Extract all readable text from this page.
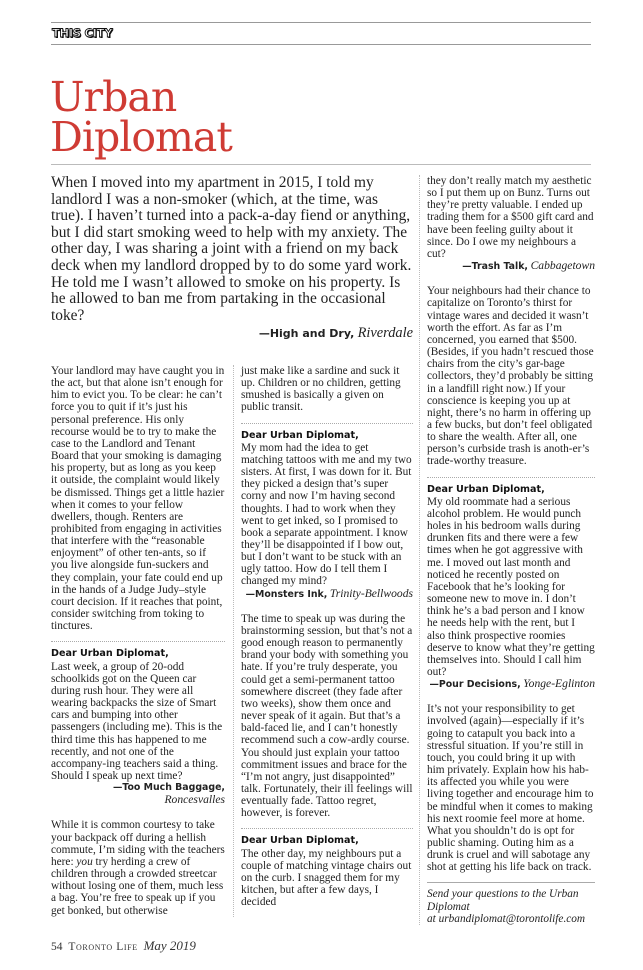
THIS CITY
Urban
Diplomat

When I moved into my apartment in 2015, I told my landlord I was a non-smoker (which, at the time, was true). I haven’t turned into a pack-a-day fiend or anything, but I did start smoking weed to help with my anxiety. The other day, I was sharing a joint with a friend on my back deck when my landlord dropped by to do some yard work. He told me I wasn’t allowed to smoke on his property. Is he allowed to ban me from partaking in the occasional toke?

—High and Dry, Riverdale

Your landlord may have caught you in the act, but that alone isn’t enough for him to evict you. To be clear: he can’t force you to quit if it’s just his personal preference. His only recourse would be to try to make the case to the Landlord and Tenant Board that your smoking is damaging his property, but as long as you keep it outside, the complaint would likely be dismissed. Things get a little hazier when it comes to your fellow dwellers, though. Renters are prohibited from engaging in activities that interfere with the “reasonable enjoyment” of other ten-ants, so if you live alongside fun-suckers and they complain, your fate could end up in the hands of a Judge Judy–style court decision. If it reaches that point, consider switching from toking to tinctures.

Dear Urban Diplomat,

Last week, a group of 20-odd schoolkids got on the Queen car during rush hour. They were all wearing backpacks the size of Smart cars and bumping into other passengers (including me). This is the third time this has happened to me recently, and not one of the accompany-ing teachers said a thing. Should I speak up next time?

—Too Much Baggage, Roncesvalles

While it is common courtesy to take your backpack off during a hellish commute, I’m siding with the teachers here: you try herding a crew of children through a crowded streetcar without losing one of them, much less a bag. You’re free to speak up if you get bonked, but otherwise

just make like a sardine and suck it up. Children or no children, getting smushed is basically a given on public transit.

Dear Urban Diplomat,

My mom had the idea to get matching tattoos with me and my two sisters. At first, I was down for it. But they picked a design that’s super corny and now I’m having second thoughts. I had to work when they went to get inked, so I promised to book a separate appointment. I know they’ll be disappointed if I bow out, but I don’t want to be stuck with an ugly tattoo. How do I tell them I changed my mind?

—Monsters Ink, Trinity-Bellwoods

The time to speak up was during the brainstorming session, but that’s not a good enough reason to permanently brand your body with something you hate. If you’re truly desperate, you could get a semi-permanent tattoo somewhere discreet (they fade after two weeks), show them once and never speak of it again. But that’s a bald-faced lie, and I can’t honestly recommend such a cow-ardly course. You should just explain your tattoo commitment issues and brace for the “I’m not angry, just disappointed” talk. Fortunately, their ill feelings will eventually fade. Tattoo regret, however, is forever.

Dear Urban Diplomat,

The other day, my neighbours put a couple of matching vintage chairs out on the curb. I snagged them for my kitchen, but after a few days, I decided

they don’t really match my aesthetic so I put them up on Bunz. Turns out they’re pretty valuable. I ended up trading them for a $500 gift card and have been feeling guilty about it since. Do I owe my neighbours a cut?

—Trash Talk, Cabbagetown

Your neighbours had their chance to capitalize on Toronto’s thirst for vintage wares and decided it wasn’t worth the effort. As far as I’m concerned, you earned that $500. (Besides, if you hadn’t rescued those chairs from the city’s gar-bage collectors, they’d probably be sitting in a landfill right now.) If your conscience is keeping you up at night, there’s no harm in offering up a few bucks, but don’t feel obligated to share the wealth. After all, one person’s curbside trash is anoth-er’s trade-worthy treasure.

Dear Urban Diplomat,

My old roommate had a serious alcohol problem. He would punch holes in his bedroom walls during drunken fits and there were a few times when he got aggressive with me. I moved out last month and noticed he recently posted on Facebook that he’s looking for someone new to move in. I don’t think he’s a bad person and I know he needs help with the rent, but I also think prospective roomies deserve to know what they’re getting themselves into. Should I call him out?

—Pour Decisions, Yonge-Eglinton

It’s not your responsibility to get involved (again)—especially if it’s going to catapult you back into a stressful situation. If you’re still in touch, you could bring it up with him privately. Explain how his hab-its affected you while you were living together and encourage him to be mindful when it comes to making his next roomie feel more at home. What you shouldn’t do is opt for public shaming. Outing him as a drunk is cruel and will sabotage any shot at getting his life back on track.

Send your questions to the Urban Diplomat

at urbandiplomat@torontolife.com

54 Toronto Life May 2019
